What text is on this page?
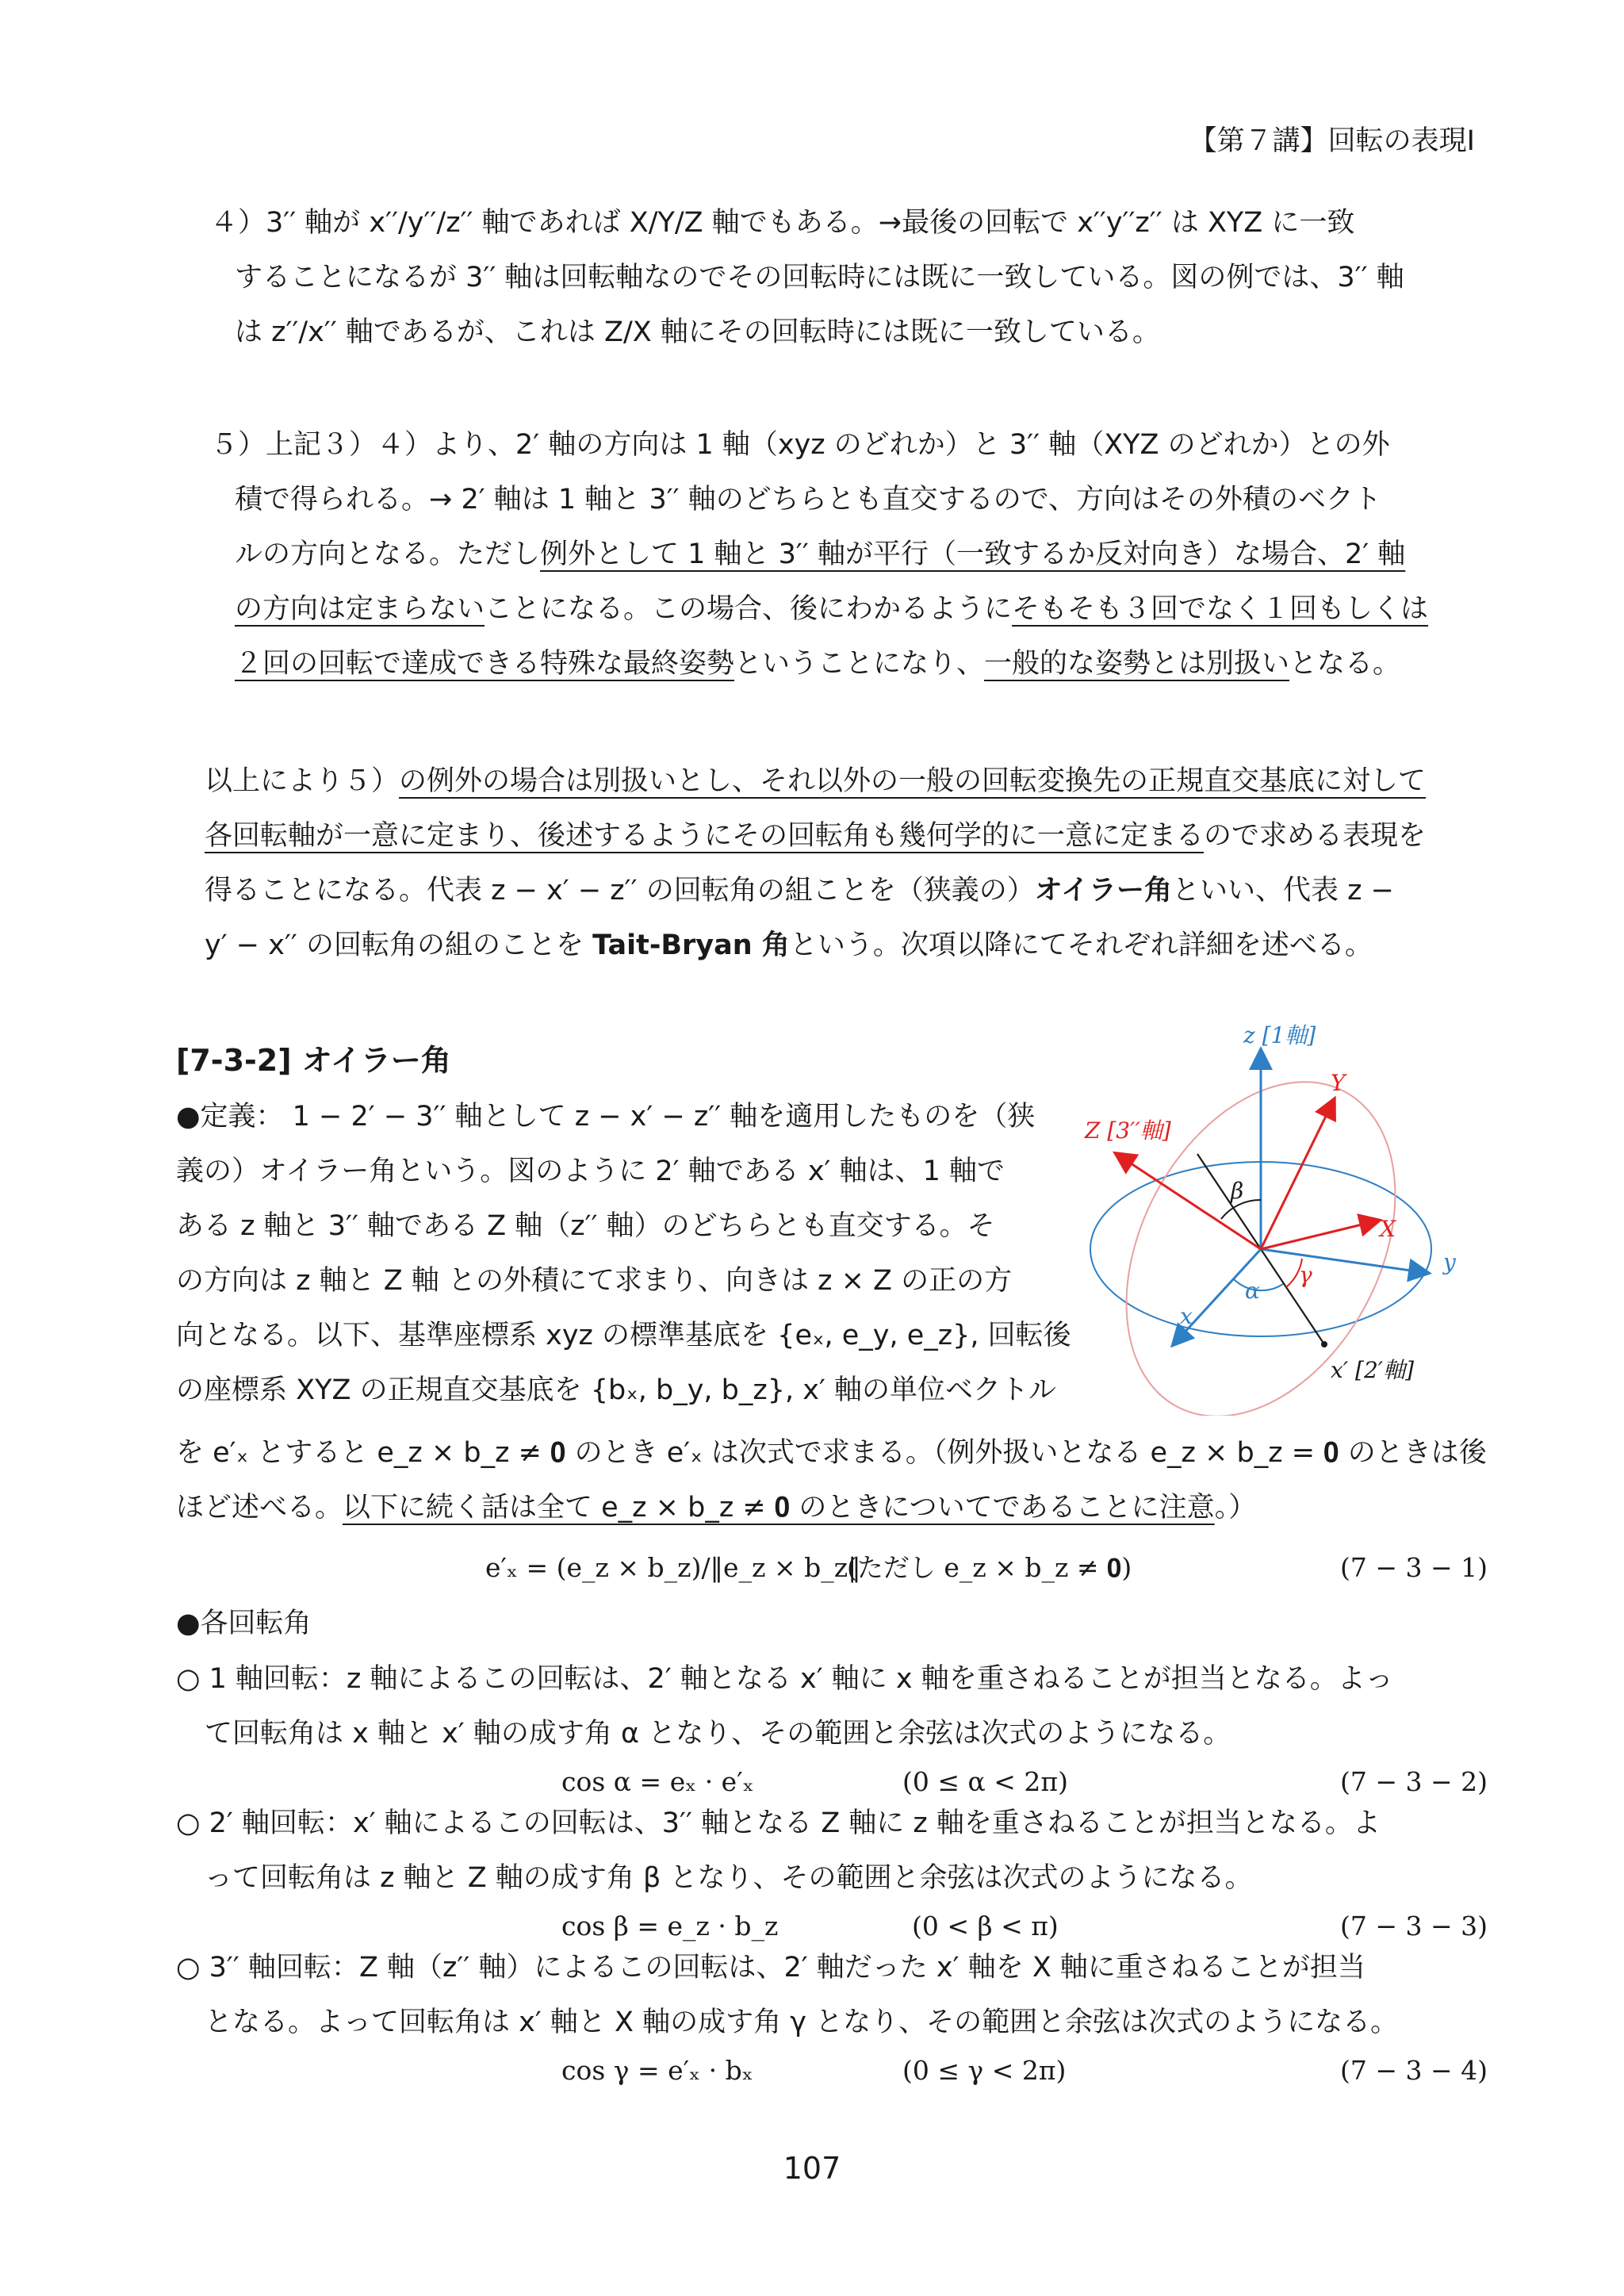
【第７講】回転の表現Ⅰ
４）3′′ 軸が x′′/y′′/z′′ 軸であれば X/Y/Z 軸でもある。→最後の回転で x′′y′′z′′ は XYZ に一致
することになるが 3′′ 軸は回転軸なのでその回転時には既に一致している。図の例では、3′′ 軸
は z′′/x′′ 軸であるが、これは Z/X 軸にその回転時には既に一致している。
５）上記３）４）より、2′ 軸の方向は 1 軸（xyz のどれか）と 3′′ 軸（XYZ のどれか）との外
積で得られる。→ 2′ 軸は 1 軸と 3′′ 軸のどちらとも直交するので、方向はその外積のベクト
ルの方向となる。ただし例外として 1 軸と 3′′ 軸が平行（一致するか反対向き）な場合、2′ 軸
の方向は定まらないことになる。この場合、後にわかるようにそもそも３回でなく１回もしくは
２回の回転で達成できる特殊な最終姿勢ということになり、一般的な姿勢とは別扱いとなる。
以上により５）の例外の場合は別扱いとし、それ以外の一般の回転変換先の正規直交基底に対して
各回転軸が一意に定まり、後述するようにその回転角も幾何学的に一意に定まるので求める表現を
得ることになる。代表 z − x′ − z′′ の回転角の組ことを（狭義の）オイラー角といい、代表 z −
y′ − x′′ の回転角の組のことを Tait-Bryan 角という。次項以降にてそれぞれ詳細を述べる。
[7-3-2] オイラー角
●定義： 1 − 2′ − 3′′ 軸として z − x′ − z′′ 軸を適用したものを（狭
義の）オイラー角という。図のように 2′ 軸である x′ 軸は、1 軸で
ある z 軸と 3′′ 軸である Z 軸（z′′ 軸）のどちらとも直交する。そ
の方向は z 軸と Z 軸 との外積にて求まり、向きは z × Z の正の方
向となる。以下、基準座標系 xyz の標準基底を {eₓ, e_y, e_z}, 回転後
の座標系 XYZ の正規直交基底を {bₓ, b_y, b_z}, x′ 軸の単位ベクトル
を e′ₓ とすると e_z × b_z ≠ 𝟎 のとき e′ₓ は次式で求まる。（例外扱いとなる e_z × b_z = 𝟎 のときは後
ほど述べる。以下に続く話は全て e_z × b_z ≠ 𝟎 のときについてであることに注意。）
e′ₓ = (e_z × b_z)/‖e_z × b_z‖
(ただし e_z × b_z ≠ 𝟎)	(7 − 3 − 1)
●各回転角
○ 1 軸回転：z 軸によるこの回転は、2′ 軸となる x′ 軸に x 軸を重さねることが担当となる。よっ
て回転角は x 軸と x′ 軸の成す角 α となり、その範囲と余弦は次式のようになる。
cos α = eₓ · e′ₓ	(0 ≤ α < 2π)	(7 − 3 − 2)
○ 2′ 軸回転：x′ 軸によるこの回転は、3′′ 軸となる Z 軸に z 軸を重さねることが担当となる。よ
って回転角は z 軸と Z 軸の成す角 β となり、その範囲と余弦は次式のようになる。
cos β = e_z · b_z	(0 < β < π)	(7 − 3 − 3)
○ 3′′ 軸回転：Z 軸（z′′ 軸）によるこの回転は、2′ 軸だった x′ 軸を X 軸に重さねることが担当
となる。よって回転角は x′ 軸と X 軸の成す角 γ となり、その範囲と余弦は次式のようになる。
cos γ = e′ₓ · bₓ	(0 ≤ γ < 2π)	(7 − 3 − 4)
z [1軸]
Y
Z [3′′軸]
β
X
y
γ
α
x
x′ [2′軸]
107
